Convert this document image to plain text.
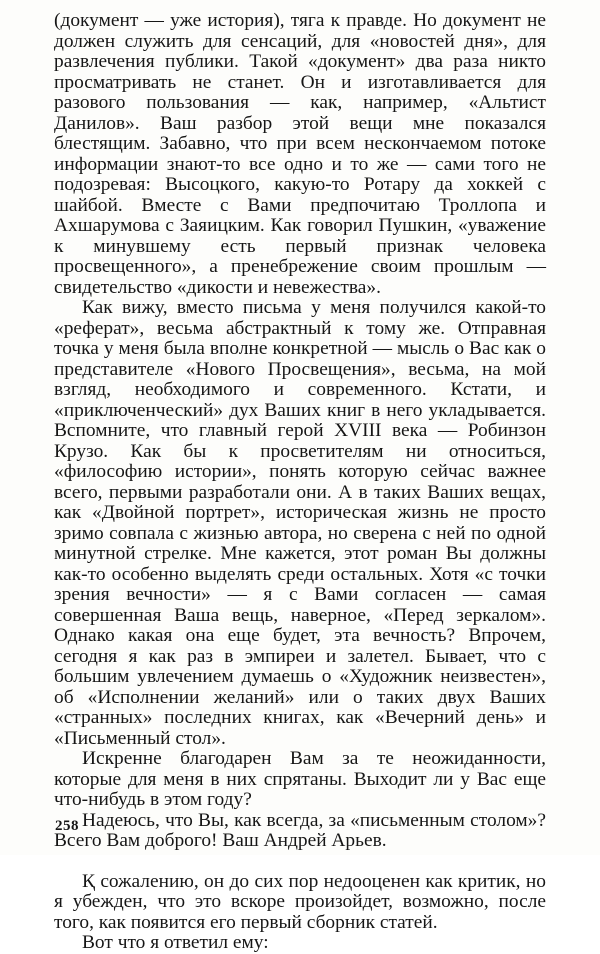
(документ — уже история), тяга к правде. Но документ не должен служить для сенсаций, для «новостей дня», для развлечения публики. Такой «документ» два раза никто просматривать не станет. Он и изготавливается для разового пользования — как, например, «Альтист Данилов». Ваш разбор этой вещи мне показался блестящим. Забавно, что при всем нескончаемом потоке информации знают-то все одно и то же — сами того не подозревая: Высоцкого, какую-то Ротару да хоккей с шайбой. Вместе с Вами предпочитаю Троллопа и Ахшарумова с Заяицким. Как говорил Пушкин, «уважение к минувшему есть первый признак человека просвещенного», а пренебрежение своим прошлым — свидетельство «дикости и невежества».

Как вижу, вместо письма у меня получился какой-то «реферат», весьма абстрактный к тому же. Отправная точка у меня была вполне конкретной — мысль о Вас как о представителе «Нового Просвещения», весьма, на мой взгляд, необходимого и современного. Кстати, и «приключенческий» дух Ваших книг в него укладывается. Вспомните, что главный герой XVIII века — Робинзон Крузо. Как бы к просветителям ни относиться, «философию истории», понять которую сейчас важнее всего, первыми разработали они. А в таких Ваших вещах, как «Двойной портрет», историческая жизнь не просто зримо совпала с жизнью автора, но сверена с ней по одной минутной стрелке. Мне кажется, этот роман Вы должны как-то особенно выделять среди остальных. Хотя «с точки зрения вечности» — я с Вами согласен — самая совершенная Ваша вещь, наверное, «Перед зеркалом». Однако какая она еще будет, эта вечность? Впрочем, сегодня я как раз в эмпиреи и залетел. Бывает, что с большим увлечением думаешь о «Художник неизвестен», об «Исполнении желаний» или о таких двух Ваших «странных» последних книгах, как «Вечерний день» и «Письменный стол».

Искренне благодарен Вам за те неожиданности, которые для меня в них спрятаны. Выходит ли у Вас еще что-нибудь в этом году?

Надеюсь, что Вы, как всегда, за «письменным столом»? Всего Вам доброго! Ваш Андрей Арьев.

Қ сожалению, он до сих пор недооценен как критик, но я убежден, что это вскоре произойдет, возможно, после того, как появится его первый сборник статей.

Вот что я ответил ему:

258
